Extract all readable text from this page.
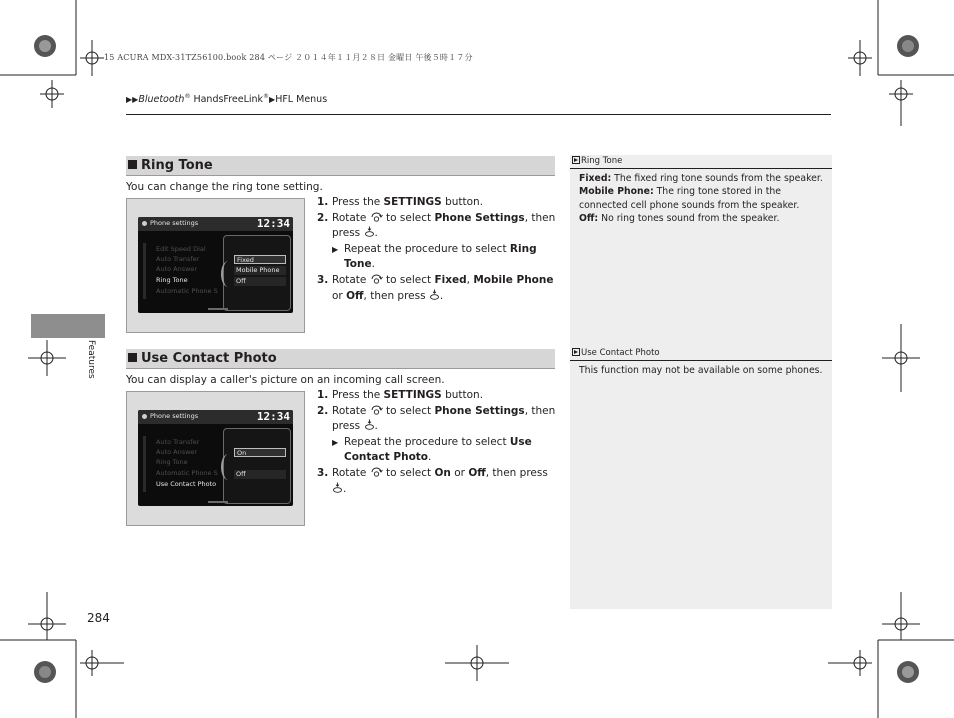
15 ACURA MDX-31TZ56100.book 284 ページ ２０１４年１１月２８日 金曜日 午後５時１７分
▶▶Bluetooth® HandsFreeLink®▶HFL Menus
Features
Ring Tone
You can change the ring tone setting.
Phone settings	12:34
Edit Speed Dial
Auto Transfer
Auto Answer
Ring Tone
Automatic Phone S
Fixed
Mobile Phone
Off
1. Press the SETTINGS button.
2. Rotate  to select Phone Settings, then press .
▶ Repeat the procedure to select Ring Tone.
3. Rotate  to select Fixed, Mobile Phone or Off, then press .
Use Contact Photo
You can display a caller's picture on an incoming call screen.
Phone settings	12:34
Auto Transfer
Auto Answer
Ring Tone
Automatic Phone S
Use Contact Photo
On
Off
1. Press the SETTINGS button.
2. Rotate  to select Phone Settings, then press .
▶ Repeat the procedure to select Use Contact Photo.
3. Rotate  to select On or Off, then press .
Ring Tone

Fixed: The fixed ring tone sounds from the speaker.

Mobile Phone: The ring tone stored in the connected cell phone sounds from the speaker.

Off: No ring tones sound from the speaker.

Use Contact Photo

This function may not be available on some phones.

284
